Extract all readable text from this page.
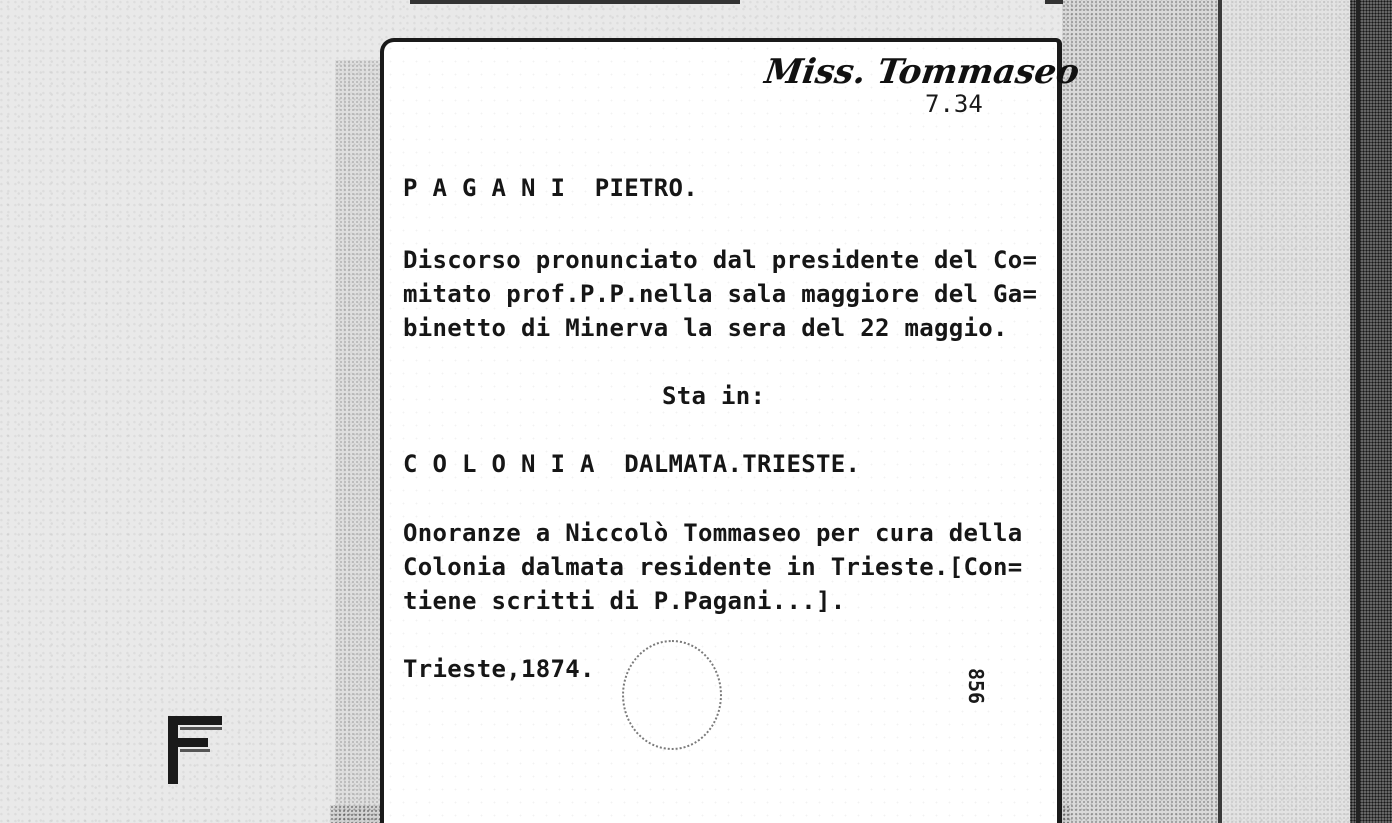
Miss. Tommaseo
7.34
P A G A N I  PIETRO.
Discorso pronunciato dal presidente del Co=
mitato prof.P.P.nella sala maggiore del Ga=
binetto di Minerva la sera del 22 maggio.
Sta in:
C O L O N I A  DALMATA.TRIESTE.
Onoranze a Niccolò Tommaseo per cura della
Colonia dalmata residente in Trieste.[Con=
tiene scritti di P.Pagani...].
Trieste,1874.	856
